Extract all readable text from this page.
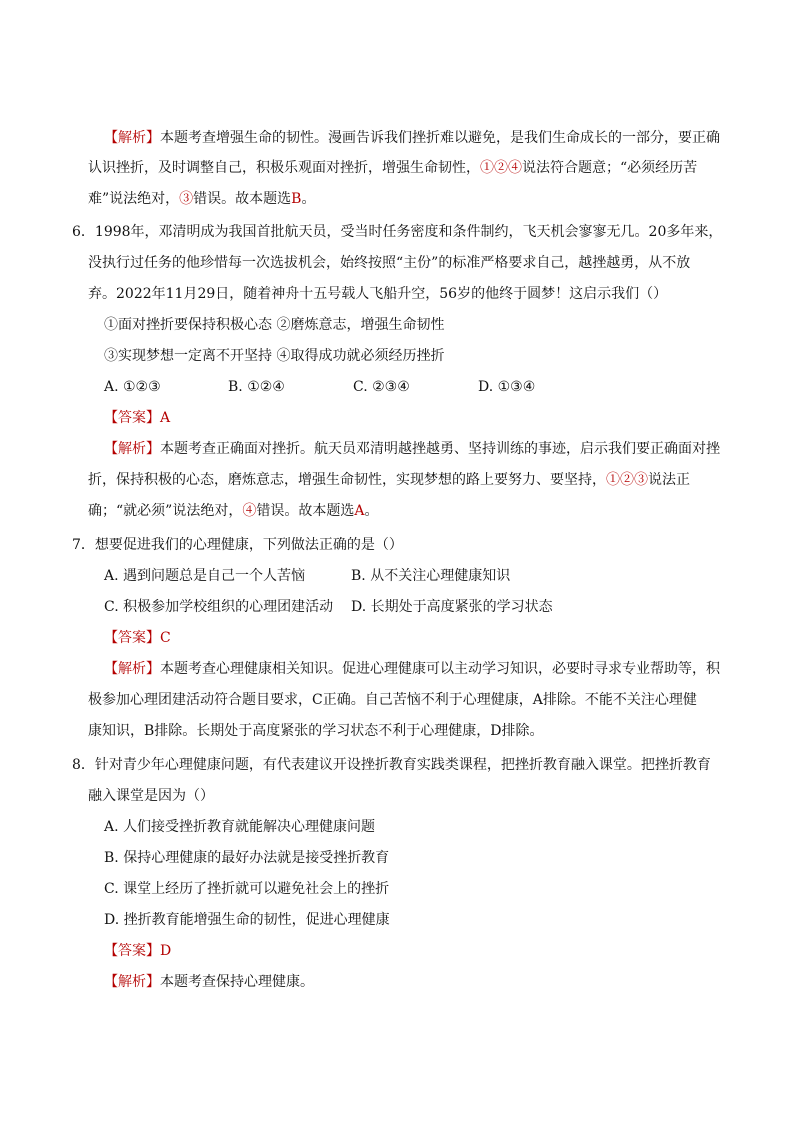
【解析】本题考查增强生命的韧性。漫画告诉我们挫折难以避免，是我们生命成长的一部分，要正确
认识挫折，及时调整自己，积极乐观面对挫折，增强生命韧性，①②④说法符合题意；“必须经历苦
难”说法绝对，③错误。故本题选B。
6．1998年，邓清明成为我国首批航天员，受当时任务密度和条件制约，飞天机会寥寥无几。20多年来，
没执行过任务的他珍惜每一次选拔机会，始终按照“主份”的标准严格要求自己，越挫越勇，从不放
弃。2022年11月29日，随着神舟十五号载人飞船升空，56岁的他终于圆梦！这启示我们（）
①面对挫折要保持积极心态 ②磨炼意志，增强生命韧性
③实现梦想一定离不开坚持 ④取得成功就必须经历挫折
A. ①②③	B. ①②④	C. ②③④	D. ①③④
【答案】A
【解析】本题考查正确面对挫折。航天员邓清明越挫越勇、坚持训练的事迹，启示我们要正确面对挫
折，保持积极的心态，磨炼意志，增强生命韧性，实现梦想的路上要努力、要坚持，①②③说法正
确；“就必须”说法绝对，④错误。故本题选A。
7．想要促进我们的心理健康，下列做法正确的是（）
A. 遇到问题总是自己一个人苦恼	B. 从不关注心理健康知识
C. 积极参加学校组织的心理团建活动 D. 长期处于高度紧张的学习状态
【答案】C
【解析】本题考查心理健康相关知识。促进心理健康可以主动学习知识，必要时寻求专业帮助等，积
极参加心理团建活动符合题目要求，C正确。自己苦恼不利于心理健康，A排除。不能不关注心理健
康知识，B排除。长期处于高度紧张的学习状态不利于心理健康，D排除。
8．针对青少年心理健康问题，有代表建议开设挫折教育实践类课程，把挫折教育融入课堂。把挫折教育
融入课堂是因为（）
A. 人们接受挫折教育就能解决心理健康问题
B. 保持心理健康的最好办法就是接受挫折教育
C. 课堂上经历了挫折就可以避免社会上的挫折
D. 挫折教育能增强生命的韧性，促进心理健康
【答案】D
【解析】本题考查保持心理健康。
